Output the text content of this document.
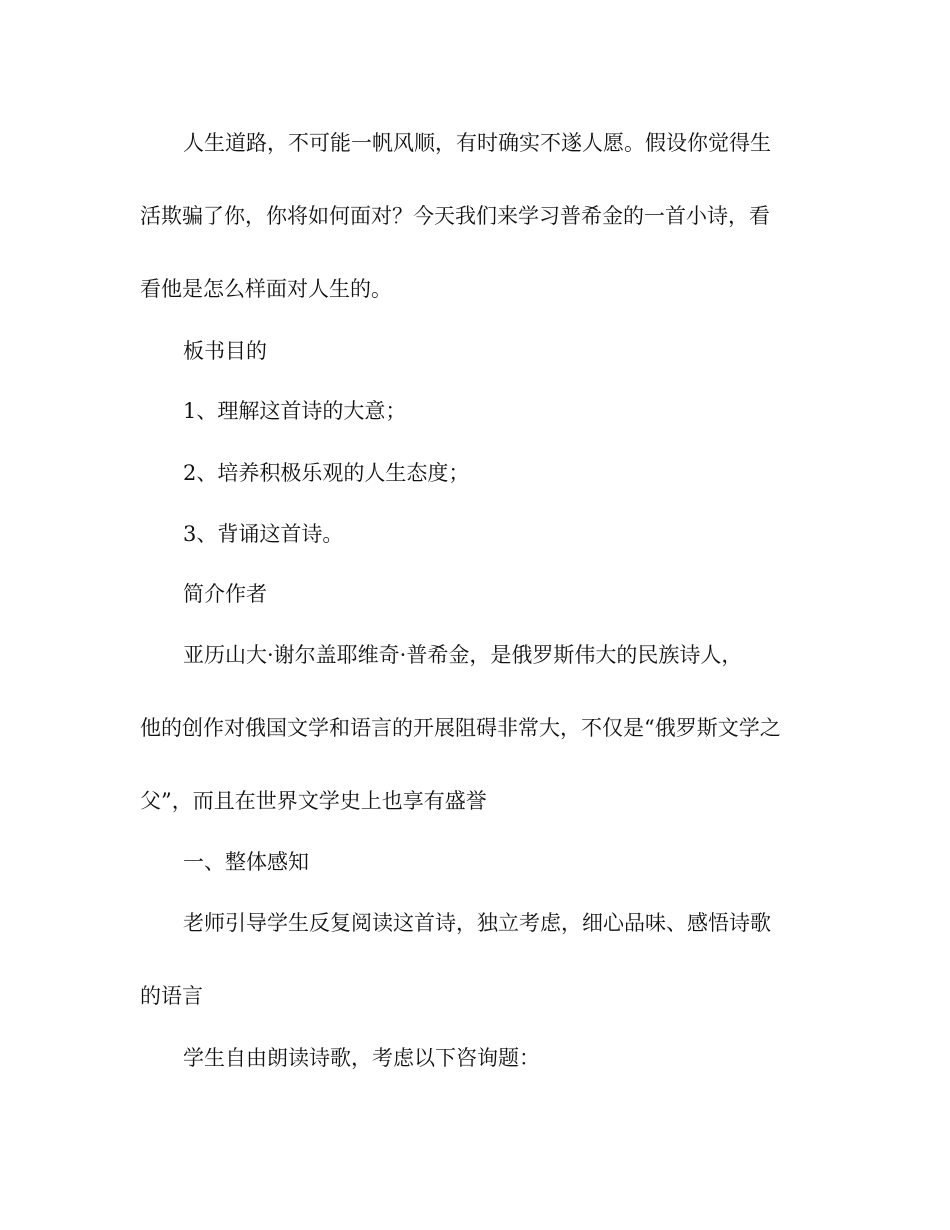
人生道路，不可能一帆风顺，有时确实不遂人愿。假设你觉得生
活欺骗了你，你将如何面对？今天我们来学习普希金的一首小诗，看
看他是怎么样面对人生的。
板书目的
1、理解这首诗的大意；
2、培养积极乐观的人生态度；
3、背诵这首诗。
简介作者
亚历山大·谢尔盖耶维奇·普希金，是俄罗斯伟大的民族诗人，
他的创作对俄国文学和语言的开展阻碍非常大，不仅是“俄罗斯文学之
父”，而且在世界文学史上也享有盛誉
一、整体感知
老师引导学生反复阅读这首诗，独立考虑，细心品味、感悟诗歌
的语言
学生自由朗读诗歌，考虑以下咨询题：
